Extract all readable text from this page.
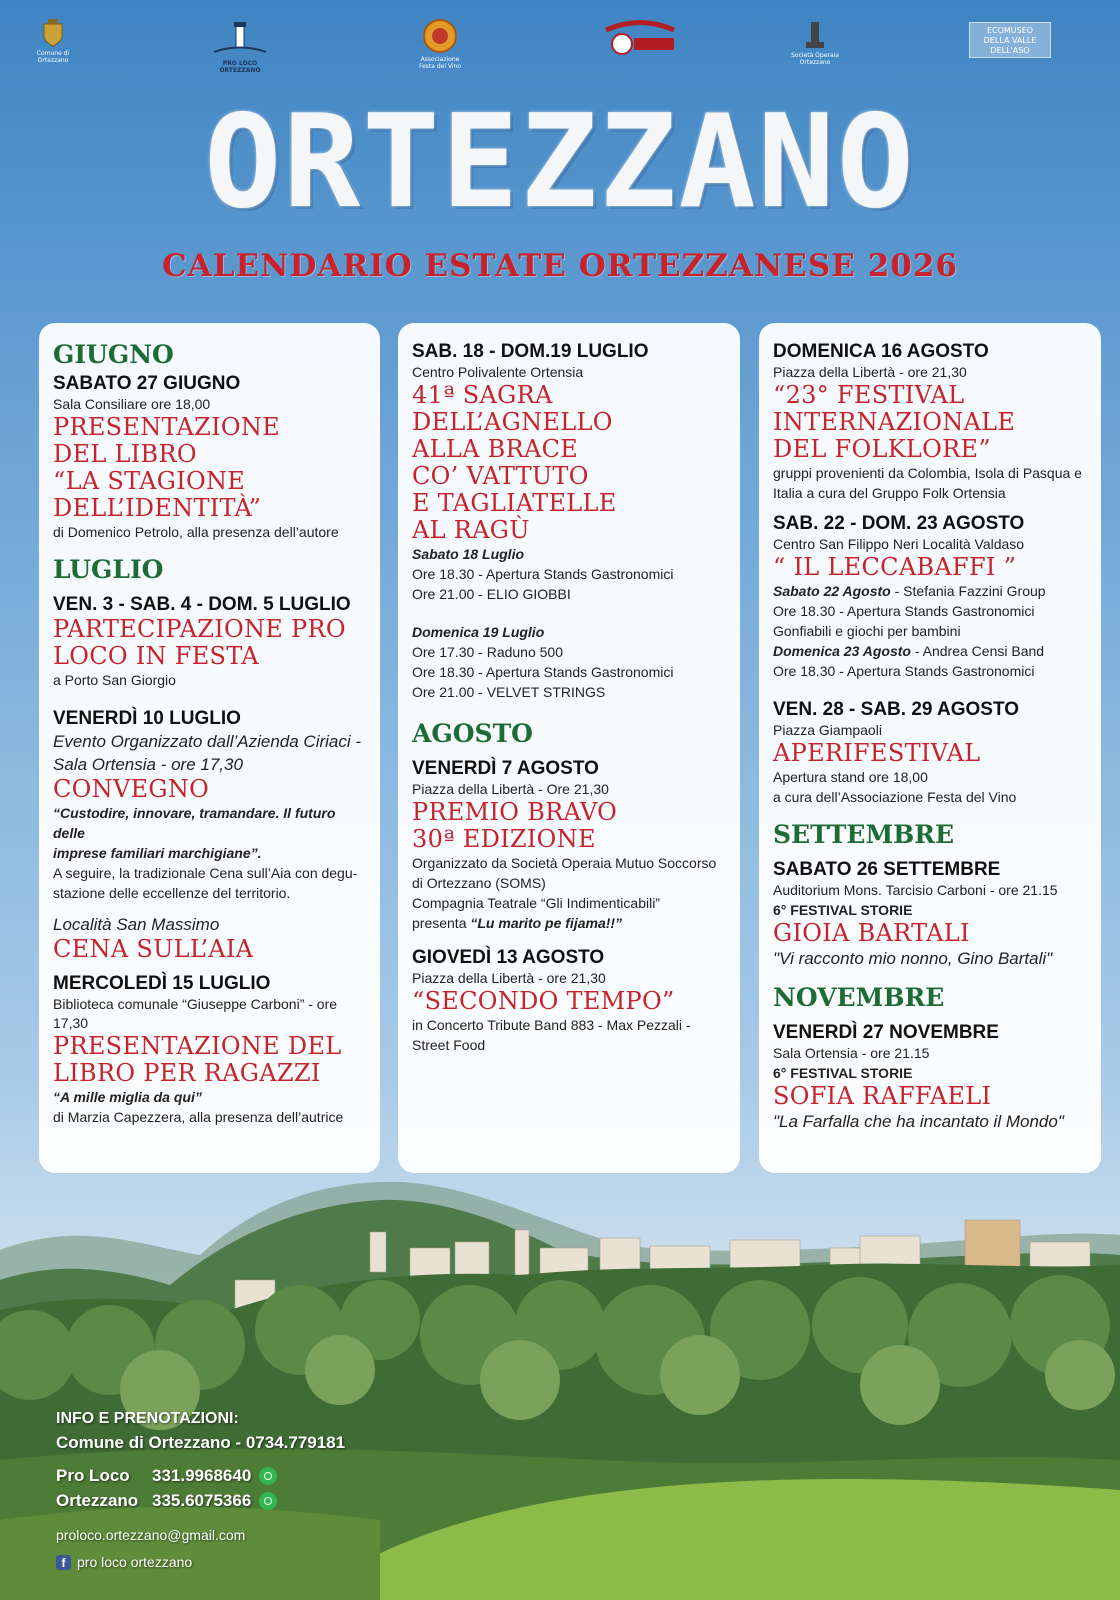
Comune di
Ortezzano	PRO LOCO
ORTEZZANO
Associazione
Festa del Vino
Società Operaia
Ortezzano
ECOMUSEO
DELLA VALLE
DELL'ASO
ORTEZZANO
CALENDARIO ESTATE ORTEZZANESE 2026
GIUGNO
SABATO 27 GIUGNO
Sala Consiliare ore 18,00
PRESENTAZIONE
DEL LIBRO
“LA STAGIONE
DELL’IDENTITÀ”
di Domenico Petrolo, alla presenza dell’autore
LUGLIO
VEN. 3 - SAB. 4 - DOM. 5 LUGLIO
PARTECIPAZIONE PRO
LOCO IN FESTA
a Porto San Giorgio
VENERDÌ 10 LUGLIO
Evento Organizzato dall’Azienda Ciriaci -
Sala Ortensia - ore 17,30
CONVEGNO
“Custodire, innovare, tramandare. Il futuro delle
imprese familiari marchigiane”.
A seguire, la tradizionale Cena sull’Aia con degu-
stazione delle eccellenze del territorio.
Località San Massimo
CENA SULL’AIA
MERCOLEDÌ 15 LUGLIO
Biblioteca comunale “Giuseppe Carboni” - ore 17,30
PRESENTAZIONE DEL
LIBRO PER RAGAZZI
“A mille miglia da qui”
di Marzia Capezzera, alla presenza dell’autrice
SAB. 18 - DOM.19 LUGLIO
Centro Polivalente Ortensia
41ª SAGRA
DELL’AGNELLO
ALLA BRACE
CO’ VATTUTO
E TAGLIATELLE
AL RAGÙ
Sabato 18 Luglio
Ore 18.30 - Apertura Stands Gastronomici
Ore 21.00 - ELIO GIOBBI
Domenica 19 Luglio
Ore 17.30 - Raduno 500
Ore 18.30 - Apertura Stands Gastronomici
Ore 21.00 - VELVET STRINGS
AGOSTO
VENERDÌ 7 AGOSTO
Piazza della Libertà - Ore 21,30
PREMIO BRAVO
30ª EDIZIONE
Organizzato da Società Operaia Mutuo Soccorso
di Ortezzano (SOMS)
Compagnia Teatrale “Gli Indimenticabili”
presenta “Lu marito pe fijama!!”
GIOVEDÌ 13 AGOSTO
Piazza della Libertà - ore 21,30
“SECONDO TEMPO”
in Concerto Tribute Band 883 - Max Pezzali -
Street Food
DOMENICA 16 AGOSTO
Piazza della Libertà - ore 21,30
“23° FESTIVAL
INTERNAZIONALE
DEL FOLKLORE”
gruppi provenienti da Colombia, Isola di Pasqua e
Italia a cura del Gruppo Folk Ortensia
SAB. 22 - DOM. 23 AGOSTO
Centro San Filippo Neri Località Valdaso
“ IL LECCABAFFI ”
Sabato 22 Agosto - Stefania Fazzini Group
Ore 18.30 - Apertura Stands Gastronomici
Gonfiabili e giochi per bambini
Domenica 23 Agosto - Andrea Censi Band
Ore 18.30 - Apertura Stands Gastronomici
VEN. 28 - SAB. 29 AGOSTO
Piazza Giampaoli
APERIFESTIVAL
Apertura stand ore 18,00
a cura dell’Associazione Festa del Vino
SETTEMBRE
SABATO 26 SETTEMBRE
Auditorium Mons. Tarcisio Carboni - ore 21.15
6° FESTIVAL STORIE
GIOIA BARTALI
"Vi racconto mio nonno, Gino Bartali"
NOVEMBRE
VENERDÌ 27 NOVEMBRE
Sala Ortensia - ore 21.15
6° FESTIVAL STORIE
SOFIA RAFFAELI
"La Farfalla che ha incantato il Mondo"
INFO E PRENOTAZIONI:
Comune di Ortezzano - 0734.779181
Pro Loco	331.9968640
Ortezzano 335.6075366
proloco.ortezzano@gmail.com
f pro loco ortezzano
